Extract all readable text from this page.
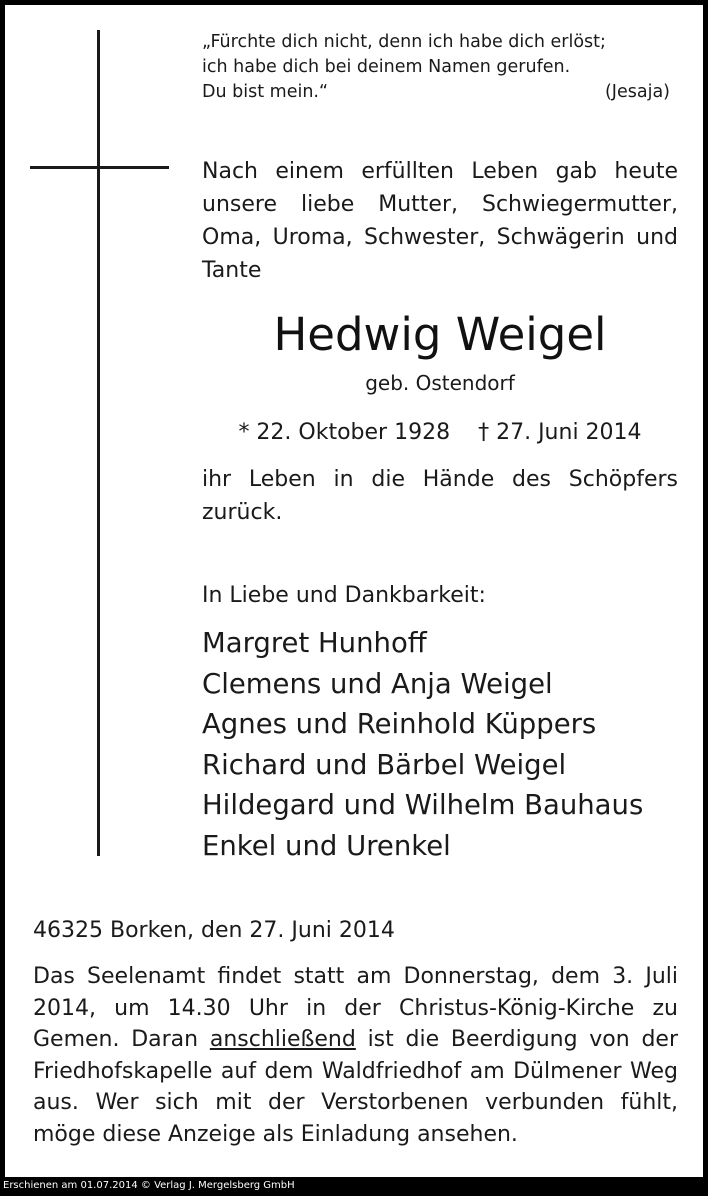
„Fürchte dich nicht, denn ich habe dich erlöst;
ich habe dich bei deinem Namen gerufen.
Du bist mein.“	(Jesaja)
Nach einem erfüllten Leben gab heute unsere liebe Mutter, Schwiegermutter, Oma, Uroma, Schwester, Schwägerin und Tante
Hedwig Weigel
geb. Ostendorf
* 22. Oktober 1928 † 27. Juni 2014
ihr Leben in die Hände des Schöpfers zurück.
In Liebe und Dankbarkeit:
Margret Hunhoff
Clemens und Anja Weigel
Agnes und Reinhold Küppers
Richard und Bärbel Weigel
Hildegard und Wilhelm Bauhaus
Enkel und Urenkel
46325 Borken, den 27. Juni 2014
Das Seelenamt findet statt am Donnerstag, dem 3. Juli 2014, um 14.30 Uhr in der Christus-König-Kirche zu Gemen. Daran anschließend ist die Beerdigung von der Friedhofskapelle auf dem Waldfriedhof am Dülmener Weg aus. Wer sich mit der Verstorbenen verbunden fühlt, möge diese Anzeige als Einladung ansehen.
Erschienen am 01.07.2014 © Verlag J. Mergelsberg GmbH
